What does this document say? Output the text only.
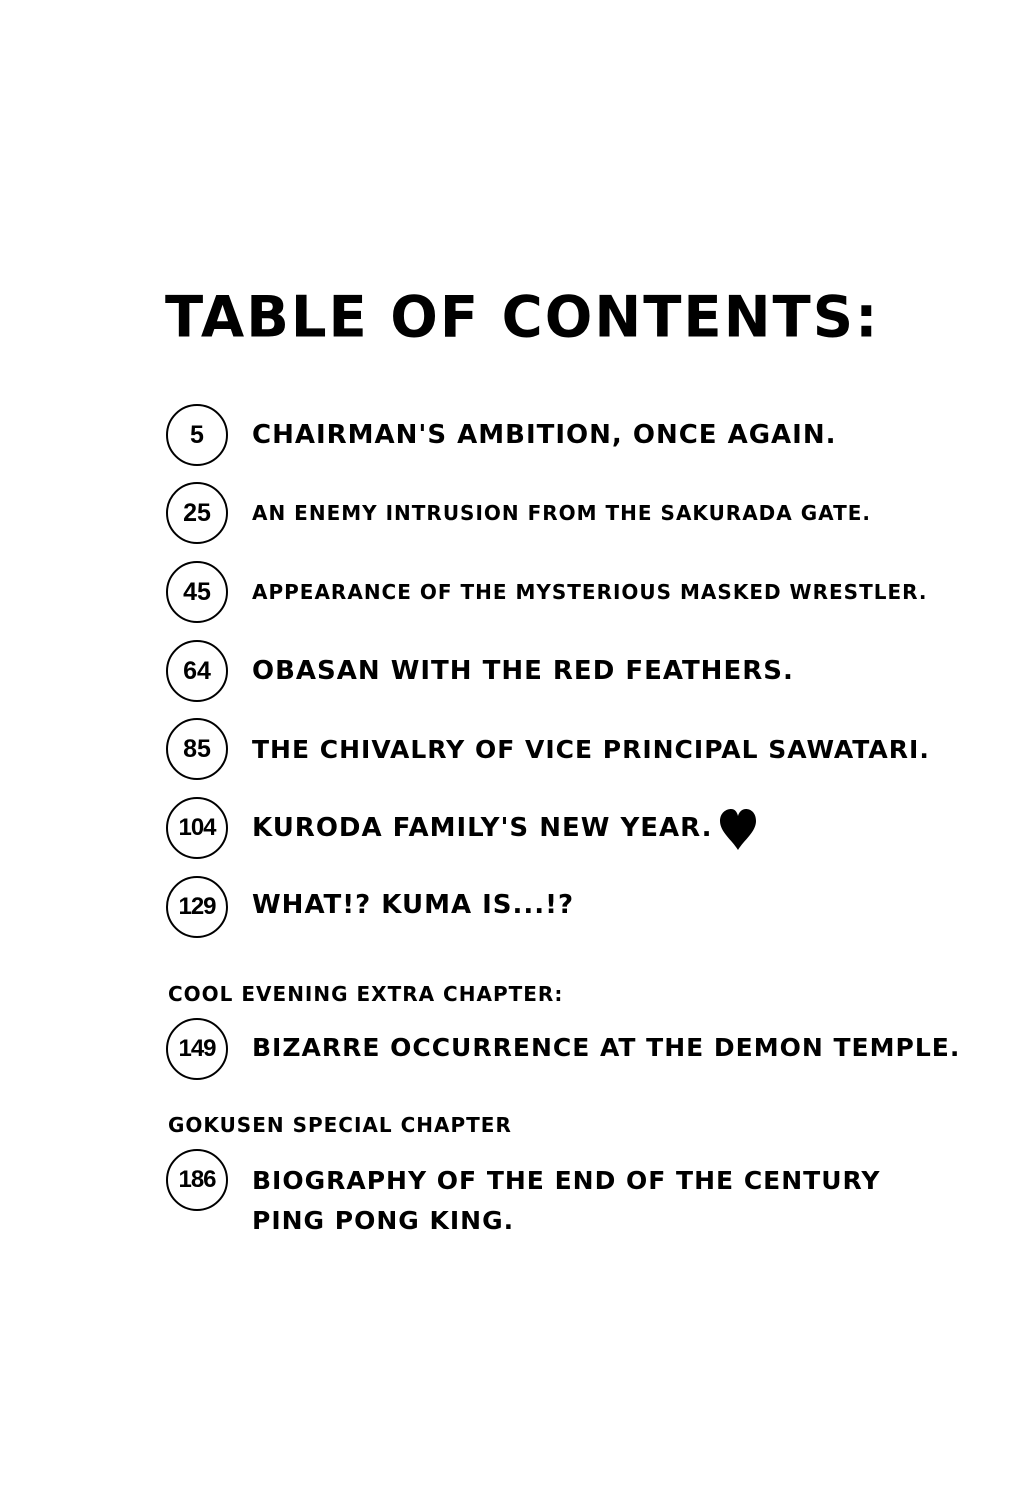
TABLE OF CONTENTS:
5	CHAIRMAN'S AMBITION, ONCE AGAIN.
25	AN ENEMY INTRUSION FROM THE SAKURADA GATE.
45	APPEARANCE OF THE MYSTERIOUS MASKED WRESTLER.
64	OBASAN WITH THE RED FEATHERS.
85	THE CHIVALRY OF VICE PRINCIPAL SAWATARI.
104	KURODA FAMILY'S NEW YEAR.
129	WHAT!? KUMA IS...!?
COOL EVENING EXTRA CHAPTER:
149	BIZARRE OCCURRENCE AT THE DEMON TEMPLE.
GOKUSEN SPECIAL CHAPTER
186	BIOGRAPHY OF THE END OF THE CENTURY PING PONG KING.
